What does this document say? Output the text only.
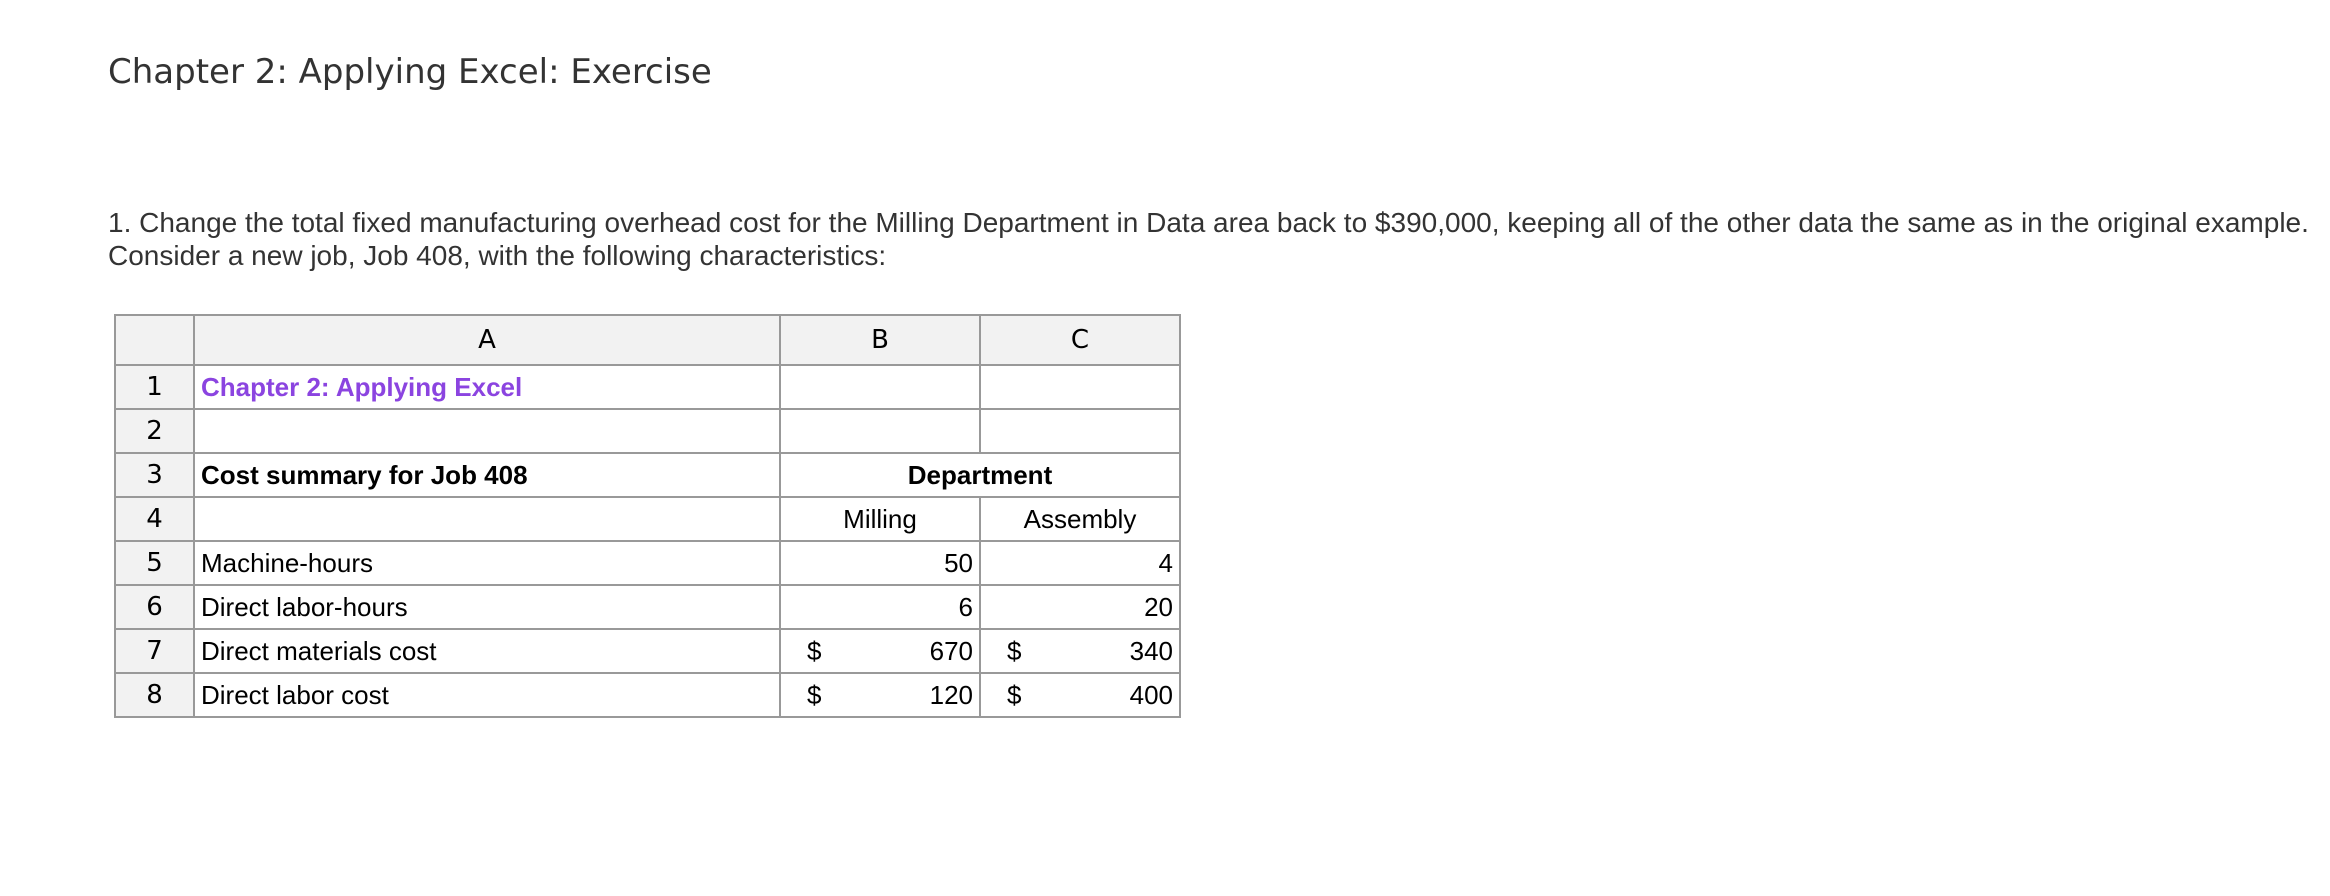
Chapter 2: Applying Excel: Exercise

1. Change the total fixed manufacturing overhead cost for the Milling Department in Data area back to $390,000, keeping all of the other data the same as in the original example.

Consider a new job, Job 408, with the following characteristics:

	A	B	C
1	Chapter 2: Applying Excel		
2			
3	Cost summary for Job 408	Department	
4		Milling	Assembly
5	Machine-hours	50	4
6	Direct labor-hours	6	20
7	Direct materials cost	$ 670	$ 340

8	Direct labor cost	$ 120	$ 400
